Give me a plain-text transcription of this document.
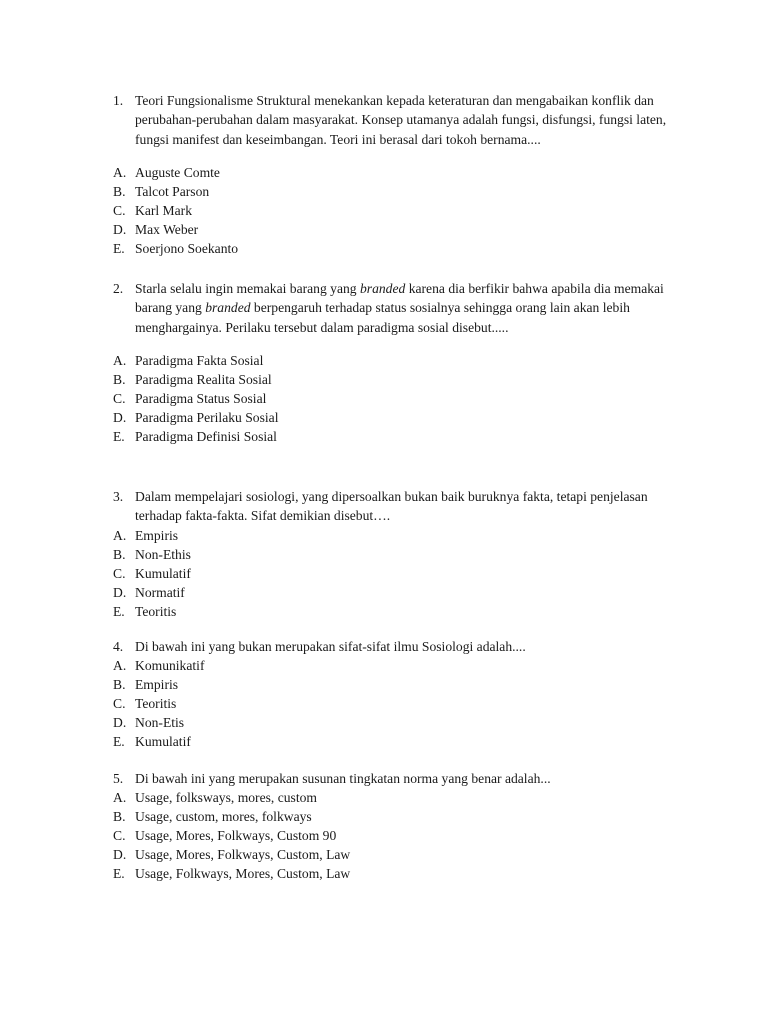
1. Teori Fungsionalisme Struktural menekankan kepada keteraturan dan mengabaikan konflik dan perubahan-perubahan dalam masyarakat. Konsep utamanya adalah fungsi, disfungsi, fungsi laten, fungsi manifest dan keseimbangan. Teori ini berasal dari tokoh bernama....
A. Auguste Comte
B. Talcot Parson
C. Karl Mark
D. Max Weber
E. Soerjono Soekanto
2. Starla selalu ingin memakai barang yang branded karena dia berfikir bahwa apabila dia memakai barang yang branded berpengaruh terhadap status sosialnya sehingga orang lain akan lebih menghargainya. Perilaku tersebut dalam paradigma sosial disebut.....
A. Paradigma Fakta Sosial
B. Paradigma Realita Sosial
C. Paradigma Status Sosial
D. Paradigma Perilaku Sosial
E. Paradigma Definisi Sosial
3. Dalam mempelajari sosiologi, yang dipersoalkan bukan baik buruknya fakta, tetapi penjelasan terhadap fakta-fakta. Sifat demikian disebut….
A. Empiris
B. Non-Ethis
C. Kumulatif
D. Normatif
E. Teoritis
4. Di bawah ini yang bukan merupakan sifat-sifat ilmu Sosiologi adalah....
A. Komunikatif
B. Empiris
C. Teoritis
D. Non-Etis
E. Kumulatif
5. Di bawah ini yang merupakan susunan tingkatan norma yang benar adalah...
A. Usage, folksways, mores, custom
B. Usage, custom, mores, folkways
C. Usage, Mores, Folkways, Custom 90
D. Usage, Mores, Folkways, Custom, Law
E. Usage, Folkways, Mores, Custom, Law
